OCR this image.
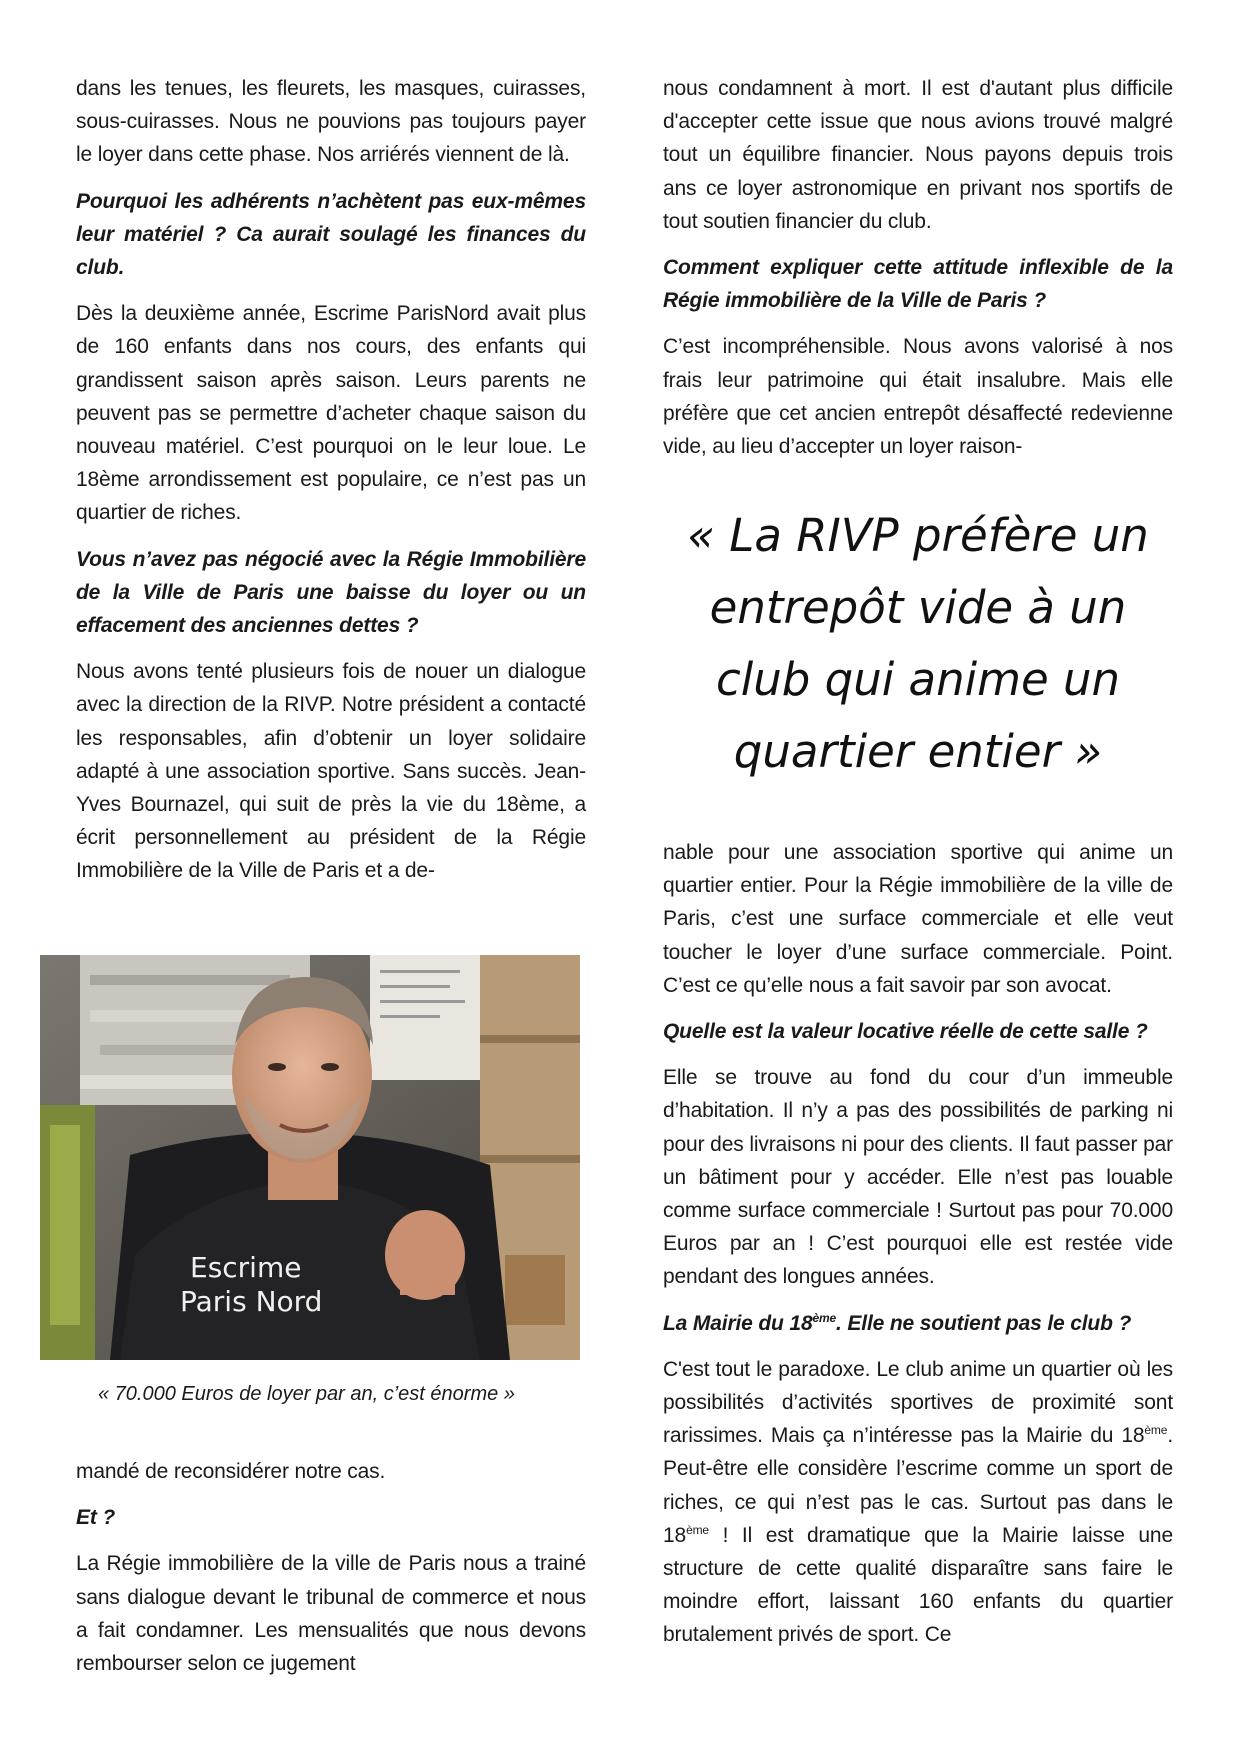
dans les tenues, les fleurets, les masques, cuirasses, sous-cuirasses. Nous ne pouvions pas toujours payer le loyer dans cette phase. Nos arriérés viennent de là.

Pourquoi les adhérents n’achètent pas eux-mêmes leur matériel ? Ca aurait soulagé les finances du club.

Dès la deuxième année, Escrime ParisNord avait plus de 160 enfants dans nos cours, des enfants qui grandissent saison après saison. Leurs parents ne peuvent pas se permettre d’acheter chaque saison du nouveau matériel. C’est pourquoi on le leur loue. Le 18ème arrondissement est populaire, ce n’est pas un quartier de riches.

Vous n’avez pas négocié avec la Régie Immobilière de la Ville de Paris une baisse du loyer ou un effacement des anciennes dettes ?

Nous avons tenté plusieurs fois de nouer un dialogue avec la direction de la RIVP. Notre président a contacté les responsables, afin d’obtenir un loyer solidaire adapté à une association sportive. Sans succès. Jean-Yves Bournazel, qui suit de près la vie du 18ème, a écrit personnellement au président de la Régie Immobilière de la Ville de Paris et a de-

Escrime
Paris Nord
« 70.000 Euros de loyer par an, c’est énorme »

mandé de reconsidérer notre cas.

Et ?

La Régie immobilière de la ville de Paris nous a trainé sans dialogue devant le tribunal de commerce et nous a fait condamner. Les mensualités que nous devons rembourser selon ce jugement

nous condamnent à mort. Il est d'autant plus difficile d'accepter cette issue que nous avions trouvé malgré tout un équilibre financier. Nous payons depuis trois ans ce loyer astronomique en privant nos sportifs de tout soutien financier du club.

Comment expliquer cette attitude inflexible de la Régie immobilière de la Ville de Paris ?

C’est incompréhensible. Nous avons valorisé à nos frais leur patrimoine qui était insalubre. Mais elle préfère que cet ancien entrepôt désaffecté redevienne vide, au lieu d’accepter un loyer raison-

« La RIVP préfère un entrepôt vide à un club qui anime un quartier entier »

nable pour une association sportive qui anime un quartier entier. Pour la Régie immobilière de la ville de Paris, c’est une surface commerciale et elle veut toucher le loyer d’une surface commerciale. Point. C’est ce qu’elle nous a fait savoir par son avocat.

Quelle est la valeur locative réelle de cette salle ?

Elle se trouve au fond du cour d’un immeuble d’habitation. Il n’y a pas des possibilités de parking ni pour des livraisons ni pour des clients. Il faut passer par un bâtiment pour y accéder. Elle n’est pas louable comme surface commerciale ! Surtout pas pour 70.000 Euros par an ! C’est pourquoi elle est restée vide pendant des longues années.

La Mairie du 18ème. Elle ne soutient pas le club ?

C'est tout le paradoxe. Le club anime un quartier où les possibilités d’activités sportives de proximité sont rarissimes. Mais ça n’intéresse pas la Mairie du 18ème. Peut-être elle considère l’escrime comme un sport de riches, ce qui n’est pas le cas. Surtout pas dans le 18ème ! Il est dramatique que la Mairie laisse une structure de cette qualité disparaître sans faire le moindre effort, laissant 160 enfants du quartier brutalement privés de sport. Ce
